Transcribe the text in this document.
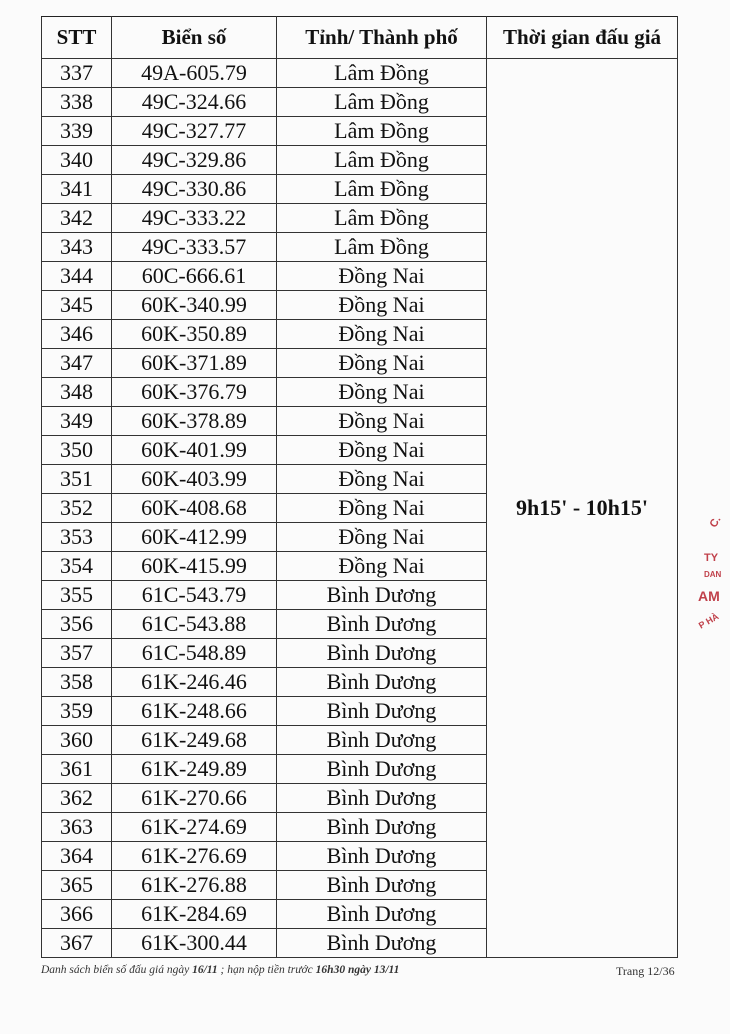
STT	Biển số	Tỉnh/ Thành phố	Thời gian đấu giá
337	49A-605.79	Lâm Đồng	9h15' - 10h15'
338	49C-324.66	Lâm Đồng	
339	49C-327.77	Lâm Đồng	
340	49C-329.86	Lâm Đồng	
341	49C-330.86	Lâm Đồng	
342	49C-333.22	Lâm Đồng	
343	49C-333.57	Lâm Đồng	
344	60C-666.61	Đồng Nai	
345	60K-340.99	Đồng Nai	
346	60K-350.89	Đồng Nai	
347	60K-371.89	Đồng Nai	
348	60K-376.79	Đồng Nai	
349	60K-378.89	Đồng Nai	
350	60K-401.99	Đồng Nai	
351	60K-403.99	Đồng Nai	
352	60K-408.68	Đồng Nai	
353	60K-412.99	Đồng Nai	
354	60K-415.99	Đồng Nai	
355	61C-543.79	Bình Dương	
356	61C-543.88	Bình Dương	
357	61C-548.89	Bình Dương	
358	61K-246.46	Bình Dương	
359	61K-248.66	Bình Dương	
360	61K-249.68	Bình Dương	
361	61K-249.89	Bình Dương	
362	61K-270.66	Bình Dương	
363	61K-274.69	Bình Dương	
364	61K-276.69	Bình Dương	
365	61K-276.88	Bình Dương	
366	61K-284.69	Bình Dương	
367	61K-300.44	Bình Dương	
Danh sách biển số đấu giá ngày 16/11 ; hạn nộp tiền trước 16h30 ngày 13/11	Trang 12/36
C.
TY
DAN
AM
P HÀ
